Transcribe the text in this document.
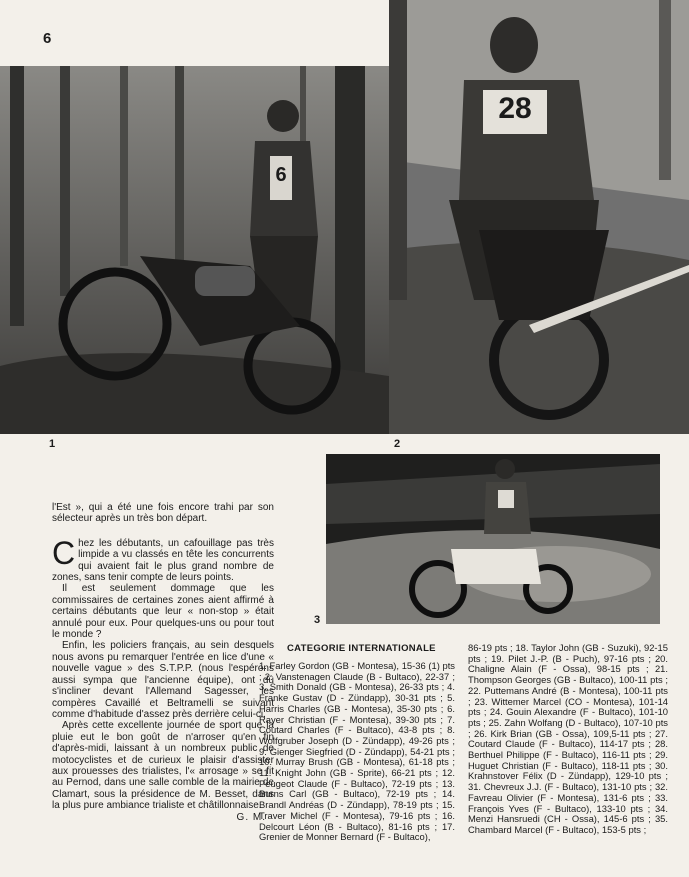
6
6
1
28
2
3

l'Est », qui a été une fois encore trahi par son sélecteur après un très bon départ.

Chez les débutants, un cafouillage pas très limpide a vu classés en tête les concurrents qui avaient fait le plus grand nombre de zones, sans tenir compte de leurs points.

Il est seulement dommage que les commissaires de certaines zones aient affirmé à certains débutants que leur « non-stop » était annulé pour eux. Pour quelques-uns ou pour tout le monde ?

Enfin, les policiers français, au sein desquels nous avons pu remarquer l'entrée en lice d'une « nouvelle vague » des S.T.P.P. (nous l'espérons aussi sympa que l'ancienne équipe), ont dû s'incliner devant l'Allemand Sagesser, les compères Cavaillé et Beltramelli se suivant comme d'habitude d'assez près derrière celui-ci.

Après cette excellente journée de sport que la pluie eut le bon goût de n'arroser qu'en fin d'après-midi, laissant à un nombreux public de motocyclistes et de curieux le plaisir d'assister aux prouesses des trialistes, l'« arrosage » se fit au Pernod, dans une salle comble de la mairie de Clamart, sous la présidence de M. Besset, dans la plus pure ambiance trialiste et châtillonnaise.

G. M.

CATEGORIE INTERNATIONALE
1. Farley Gordon (GB - Montesa), 15-36 (1) pts ; 2. Vanstenagen Claude (B - Bultaco), 22-37 ; 3. Smith Donald (GB - Montesa), 26-33 pts ; 4. Franke Gustav (D - Zündapp), 30-31 pts ; 5. Harris Charles (GB - Montesa), 35-30 pts ; 6. Rayer Christian (F - Montesa), 39-30 pts ; 7. Coutard Charles (F - Bultaco), 43-8 pts ; 8. Wolfgruber Joseph (D - Zündapp), 49-26 pts ; 9. Gienger Siegfried (D - Zündapp), 54-21 pts ; 10. Murray Brush (GB - Montesa), 61-18 pts ; 11. Knight John (GB - Sprite), 66-21 pts ; 12. Peugeot Claude (F - Bultaco), 72-19 pts ; 13. Burns Carl (GB - Bultaco), 72-19 pts ; 14. Brandl Andréas (D - Zündapp), 78-19 pts ; 15. Traver Michel (F - Montesa), 79-16 pts ; 16. Delcourt Léon (B - Bultaco), 81-16 pts ; 17. Grenier de Monner Bernard (F - Bultaco),
86-19 pts ; 18. Taylor John (GB - Suzuki), 92-15 pts ; 19. Pilet J.-P. (B - Puch), 97-16 pts ; 20. Chaligne Alain (F - Ossa), 98-15 pts ; 21. Thompson Georges (GB - Bultaco), 100-11 pts ; 22. Puttemans André (B - Montesa), 100-11 pts ; 23. Wittemer Marcel (CO - Montesa), 101-14 pts ; 24. Gouin Alexandre (F - Bultaco), 101-10 pts ; 25. Zahn Wolfang (D - Bultaco), 107-10 pts ; 26. Kirk Brian (GB - Ossa), 109,5-11 pts ; 27. Coutard Claude (F - Bultaco), 114-17 pts ; 28. Berthuel Philippe (F - Bultaco), 116-11 pts ; 29. Huguet Christian (F - Bultaco), 118-11 pts ; 30. Krahnstover Félix (D - Zündapp), 129-10 pts ; 31. Chevreux J.J. (F - Bultaco), 131-10 pts ; 32. Favreau Olivier (F - Montesa), 131-6 pts ; 33. François Yves (F - Bultaco), 133-10 pts ; 34. Menzi Hansruedi (CH - Ossa), 145-6 pts ; 35. Chambard Marcel (F - Bultaco), 153-5 pts ;
